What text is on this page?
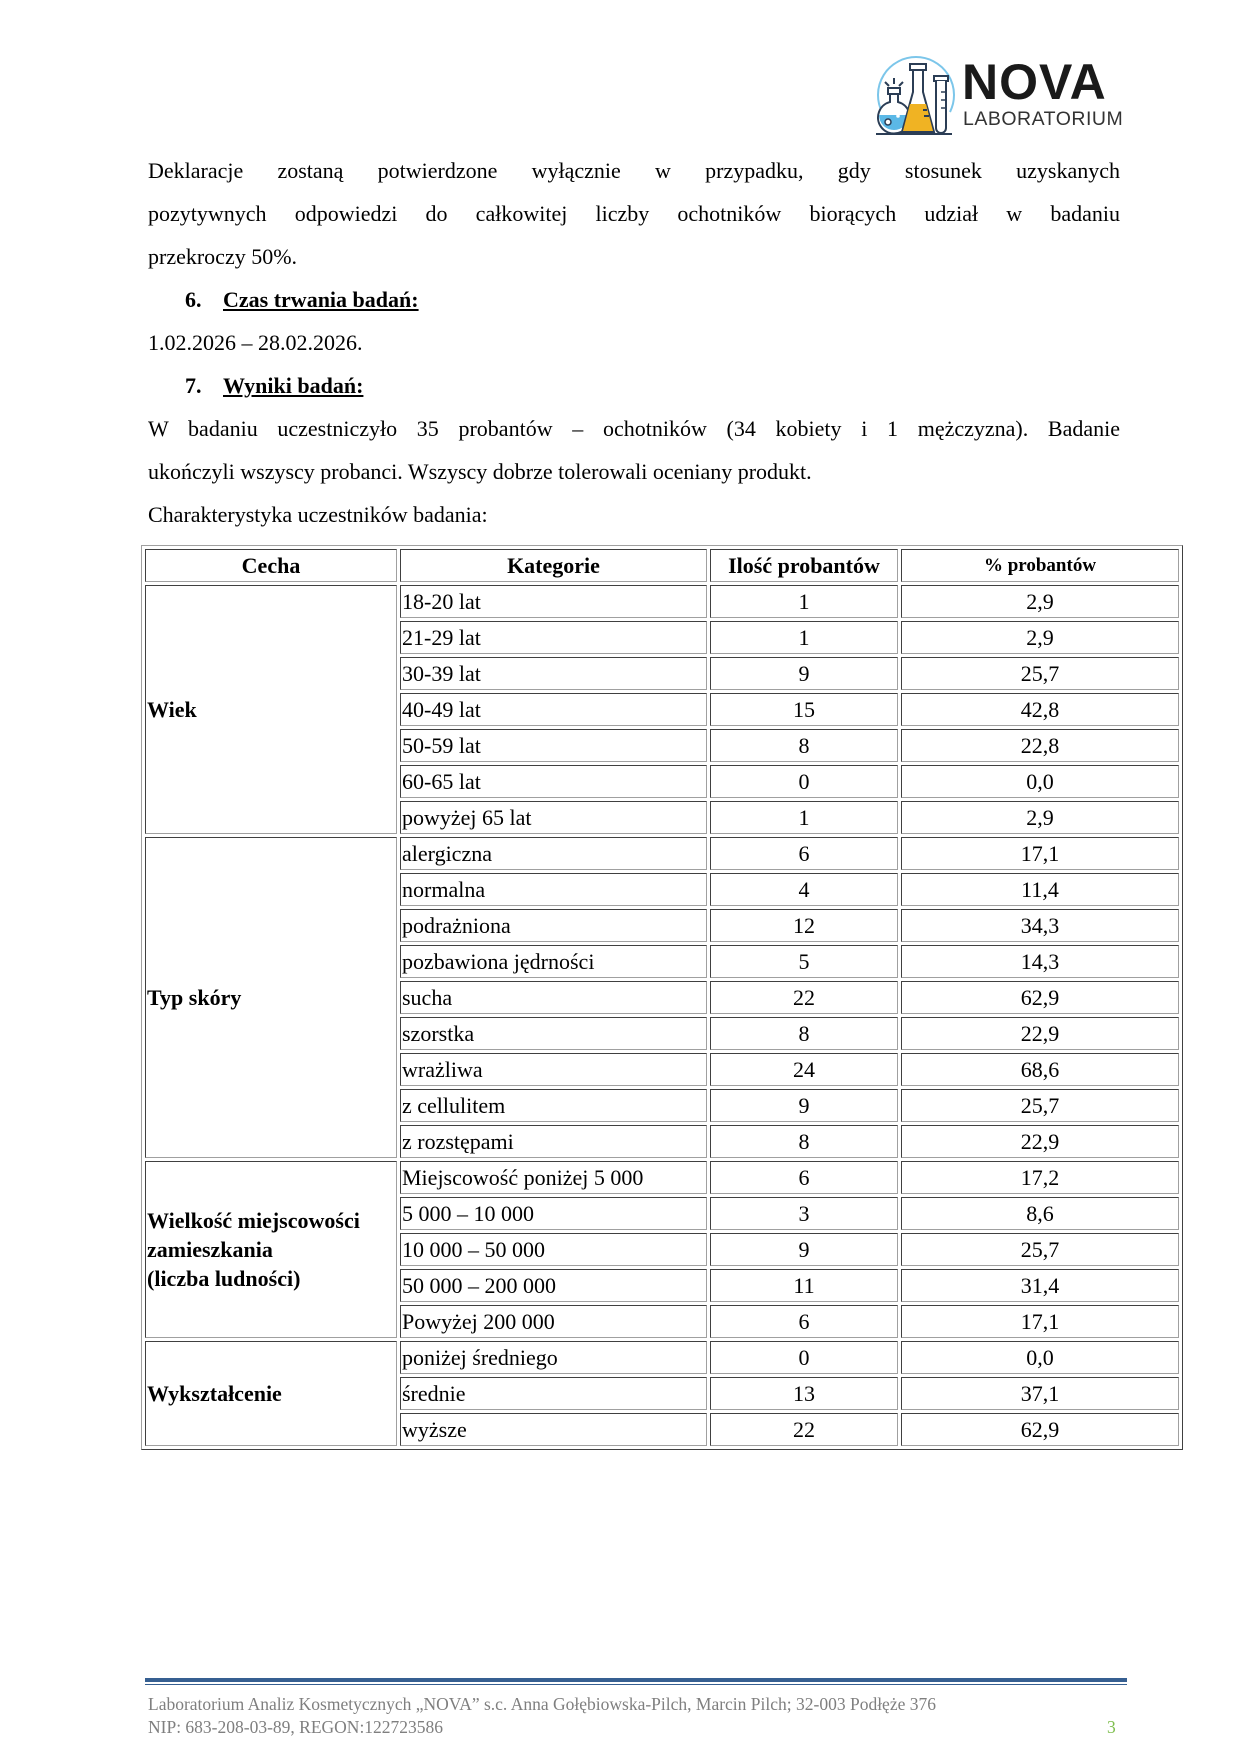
NOVA
LABORATORIUM
Deklaracje zostaną potwierdzone wyłącznie w przypadku, gdy stosunek uzyskanych
pozytywnych odpowiedzi do całkowitej liczby ochotników biorących udział w badaniu
przekroczy 50%.
6. Czas trwania badań:
1.02.2026 – 28.02.2026.
7. Wyniki badań:
W badaniu uczestniczyło 35 probantów – ochotników (34 kobiety i 1 mężczyzna). Badanie
ukończyli wszyscy probanci. Wszyscy dobrze tolerowali oceniany produkt.
Charakterystyka uczestników badania:
Cecha	Kategorie	Ilość probantów	% probantów
Wiek	18-20 lat	1	2,9
	21-29 lat	1	2,9
	30-39 lat	9	25,7
	40-49 lat	15	42,8
	50-59 lat	8	22,8
	60-65 lat	0	0,0
	powyżej 65 lat	1	2,9
Typ skóry	alergiczna	6	17,1
	normalna	4	11,4
	podrażniona	12	34,3
	pozbawiona jędrności	5	14,3
	sucha	22	62,9
	szorstka	8	22,9
	wrażliwa	24	68,6
	z cellulitem	9	25,7
	z rozstępami	8	22,9
Wielkość miejscowości
zamieszkania
(liczba ludności)	Miejscowość poniżej 5 000	6	17,2
	5 000 – 10 000	3	8,6
	10 000 – 50 000	9	25,7
	50 000 – 200 000	11	31,4
	Powyżej 200 000	6	17,1
Wykształcenie	poniżej średniego	0	0,0
	średnie	13	37,1
	wyższe	22	62,9
Laboratorium Analiz Kosmetycznych „NOVA” s.c. Anna Gołębiowska-Pilch, Marcin Pilch; 32-003 Podłęże 376
NIP: 683-208-03-89, REGON:122723586	3
